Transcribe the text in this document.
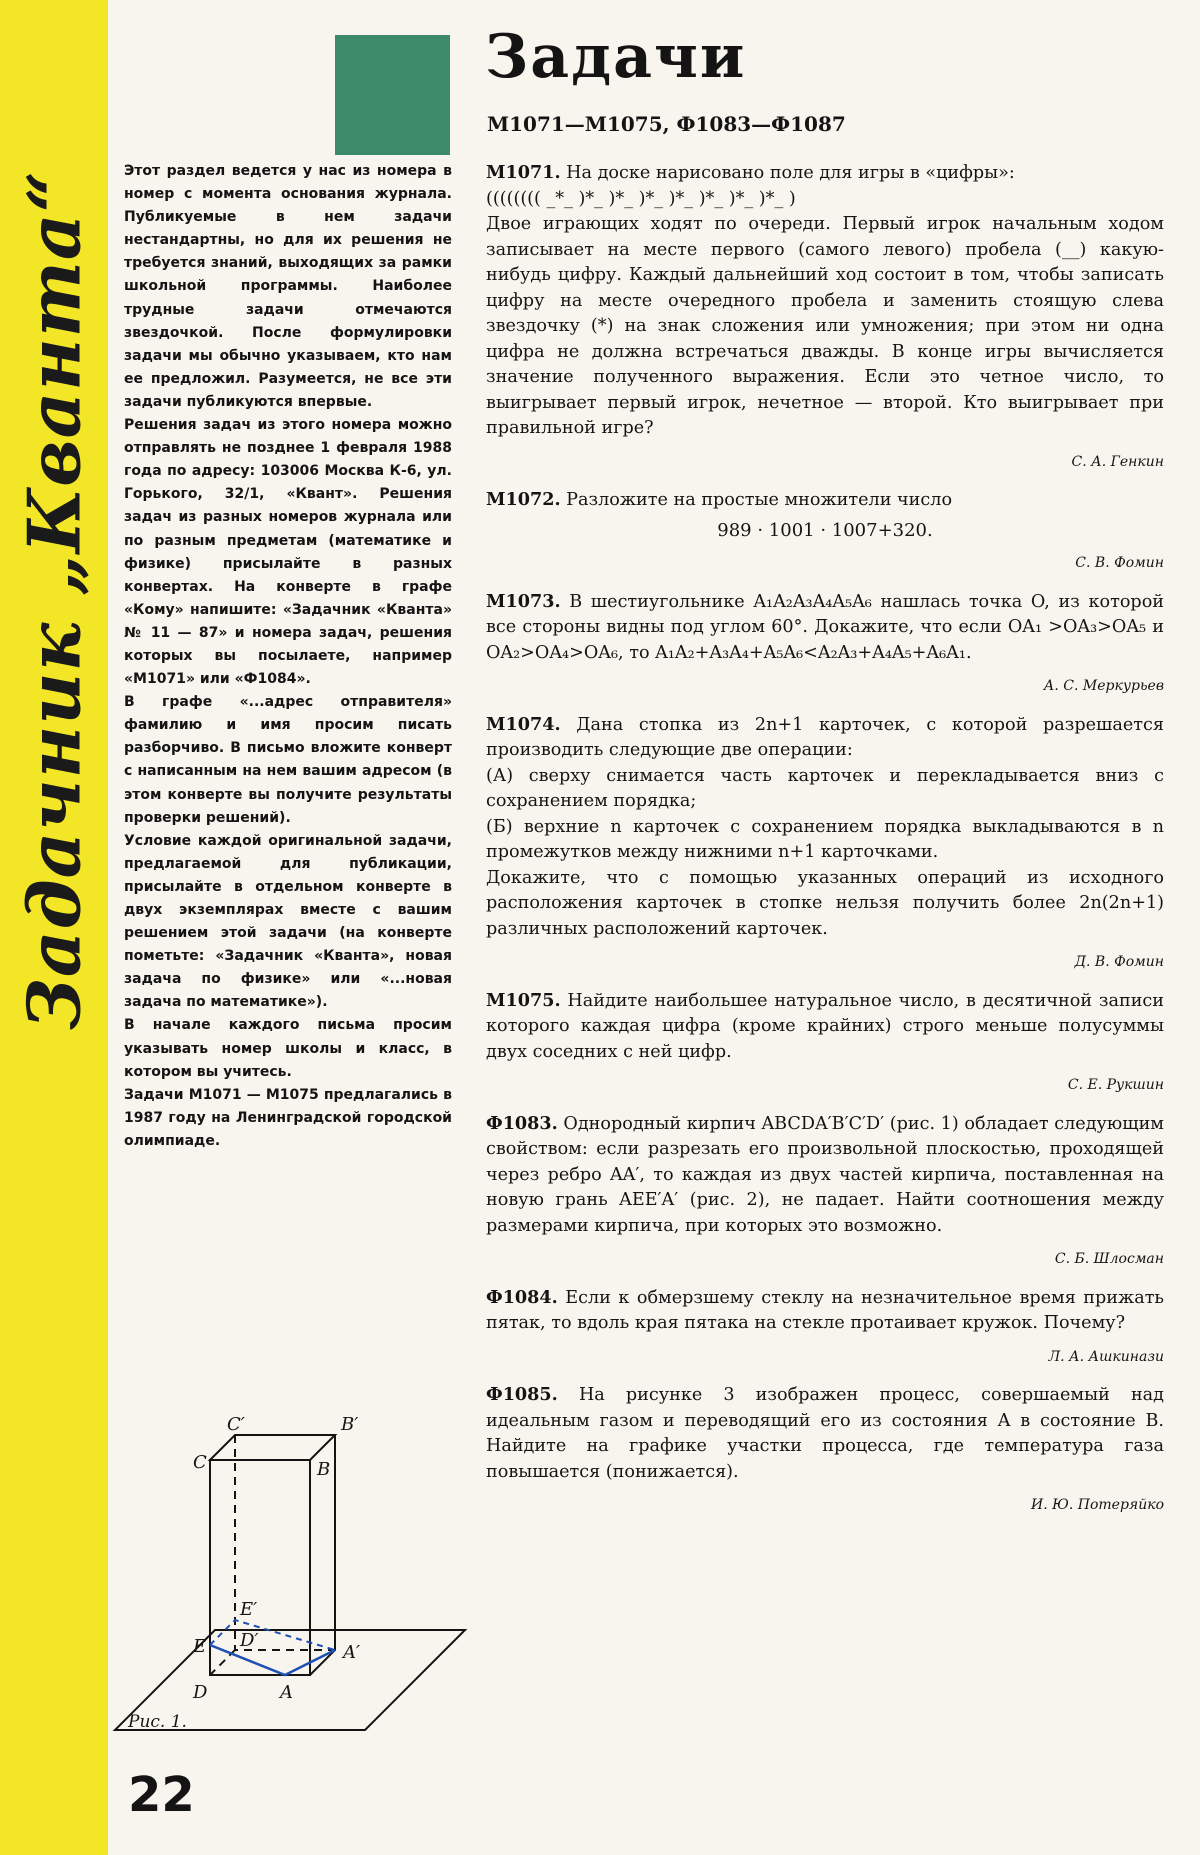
Задачник „Кванта“
Задачи
М1071—М1075, Ф1083—Ф1087

Этот раздел ведется у нас из номера в номер с момента основания журнала. Публикуемые в нем задачи нестандартны, но для их решения не требуется знаний, выходящих за рамки школьной программы. Наиболее трудные задачи отмечаются звездочкой. После формулировки задачи мы обычно указываем, кто нам ее предложил. Разумеется, не все эти задачи публикуются впервые.

Решения задач из этого номера можно отправлять не позднее 1 февраля 1988 года по адресу: 103006 Москва К-6, ул. Горького, 32/1, «Квант». Решения задач из разных номеров журнала или по разным предметам (математике и физике) присылайте в разных конвертах. На конверте в графе «Кому» напишите: «Задачник «Кванта» № 11 — 87» и номера задач, решения которых вы посылаете, например «М1071» или «Ф1084».

В графе «...адрес отправителя» фамилию и имя просим писать разборчиво. В письмо вложите конверт с написанным на нем вашим адресом (в этом конверте вы получите результаты проверки решений).

Условие каждой оригинальной задачи, предлагаемой для публикации, присылайте в отдельном конверте в двух экземплярах вместе с вашим решением этой задачи (на конверте пометьте: «Задачник «Кванта», новая задача по физике» или «...новая задача по математике»).

В начале каждого письма просим указывать номер школы и класс, в котором вы учитесь.

Задачи М1071 — М1075 предлагались в 1987 году на Ленинградской городской олимпиаде.

М1071. На доске нарисовано поле для игры в «цифры»:
(((((((( _*_ )*_ )*_ )*_ )*_ )*_ )*_ )*_ )
Двое играющих ходят по очереди. Первый игрок начальным ходом записывает на месте первого (самого левого) пробела (__) какую-нибудь цифру. Каждый дальнейший ход состоит в том, чтобы записать цифру на месте очередного пробела и заменить стоящую слева звездочку (*) на знак сложения или умножения; при этом ни одна цифра не должна встречаться дважды. В конце игры вычисляется значение полученного выражения. Если это четное число, то выигрывает первый игрок, нечетное — второй. Кто выигрывает при правильной игре?
С. А. Генкин
М1072. Разложите на простые множители число
989 · 1001 · 1007+320.
С. В. Фомин
М1073. В шестиугольнике A₁A₂A₃A₄A₅A₆ нашлась точка O, из которой все стороны видны под углом 60°. Докажите, что если OA₁ >OA₃>OA₅ и OA₂>OA₄>OA₆, то A₁A₂+A₃A₄+A₅A₆<A₂A₃+A₄A₅+A₆A₁.
А. С. Меркурьев
М1074. Дана стопка из 2n+1 карточек, с которой разрешается производить следующие две операции:
(А) сверху снимается часть карточек и перекладывается вниз с сохранением порядка;
(Б) верхние n карточек с сохранением порядка выкладываются в n промежутков между нижними n+1 карточками.
Докажите, что с помощью указанных операций из исходного расположения карточек в стопке нельзя получить более 2n(2n+1) различных расположений карточек.
Д. В. Фомин
М1075. Найдите наибольшее натуральное число, в десятичной записи которого каждая цифра (кроме крайних) строго меньше полусуммы двух соседних с ней цифр.
С. Е. Рукшин
Ф1083. Однородный кирпич ABCDA′B′C′D′ (рис. 1) обладает следующим свойством: если разрезать его произвольной плоскостью, проходящей через ребро AA′, то каждая из двух частей кирпича, поставленная на новую грань AEE′A′ (рис. 2), не падает. Найти соотношения между размерами кирпича, при которых это возможно.
С. Б. Шлосман
Ф1084. Если к обмерзшему стеклу на незначительное время прижать пятак, то вдоль края пятака на стекле протаивает кружок. Почему?
Л. А. Ашкинази
Ф1085. На рисунке 3 изображен процесс, совершаемый над идеальным газом и переводящий его из состояния A в состояние B. Найдите на графике участки процесса, где температура газа повышается (понижается).
И. Ю. Потеряйко
C′	B′
C	B
E′
D′
E	A′
D	A
Рис. 1.
22
